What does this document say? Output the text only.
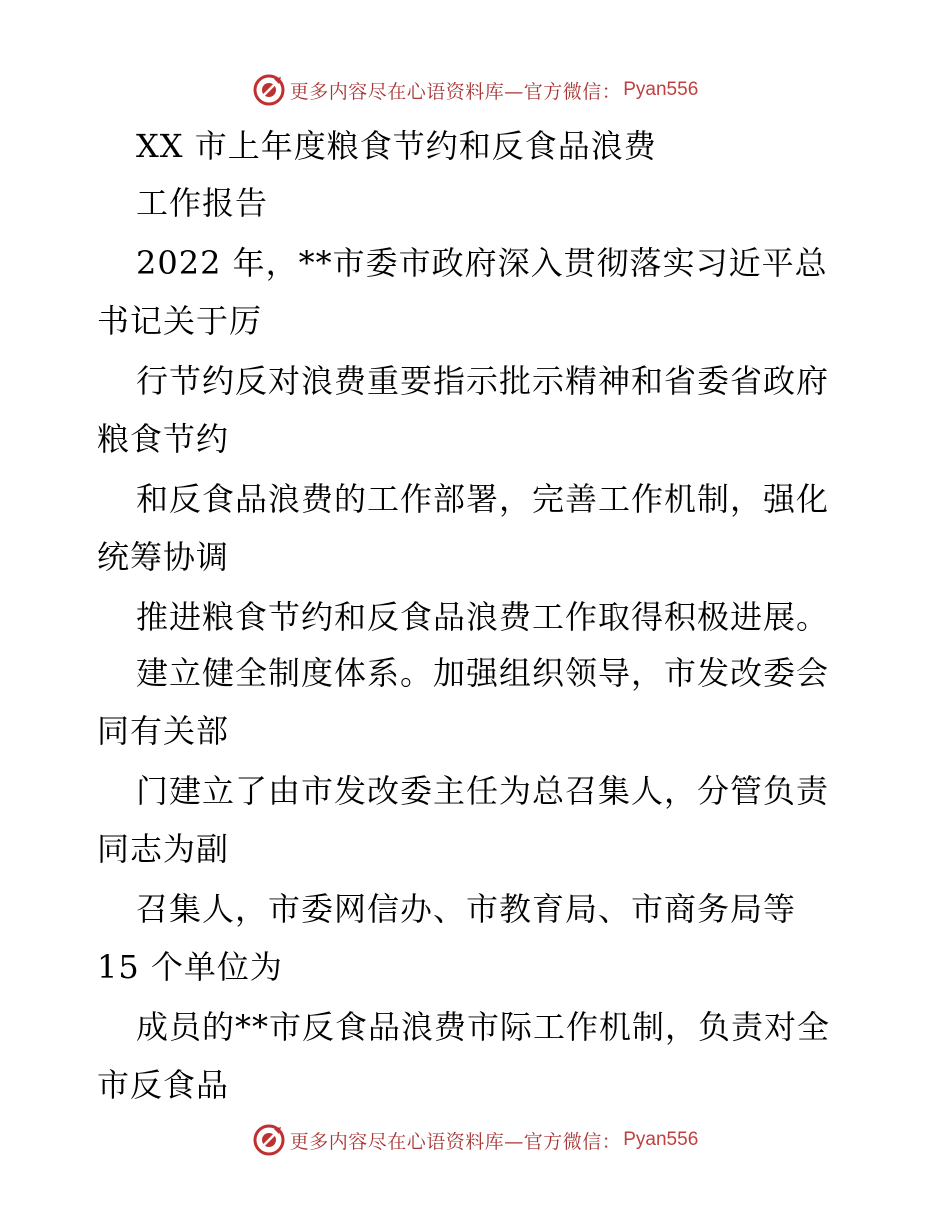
更多内容尽在心语资料库—官方微信： Pyan556
XX 市上年度粮食节约和反食品浪费
工作报告
2022 年，**市委市政府深入贯彻落实习近平总
书记关于厉
行节约反对浪费重要指示批示精神和省委省政府
粮食节约
和反食品浪费的工作部署，完善工作机制，强化
统筹协调
推进粮食节约和反食品浪费工作取得积极进展。
建立健全制度体系。加强组织领导，市发改委会
同有关部
门建立了由市发改委主任为总召集人，分管负责
同志为副
召集人，市委网信办、市教育局、市商务局等
15 个单位为
成员的**市反食品浪费市际工作机制，负责对全
市反食品
更多内容尽在心语资料库—官方微信： Pyan556
